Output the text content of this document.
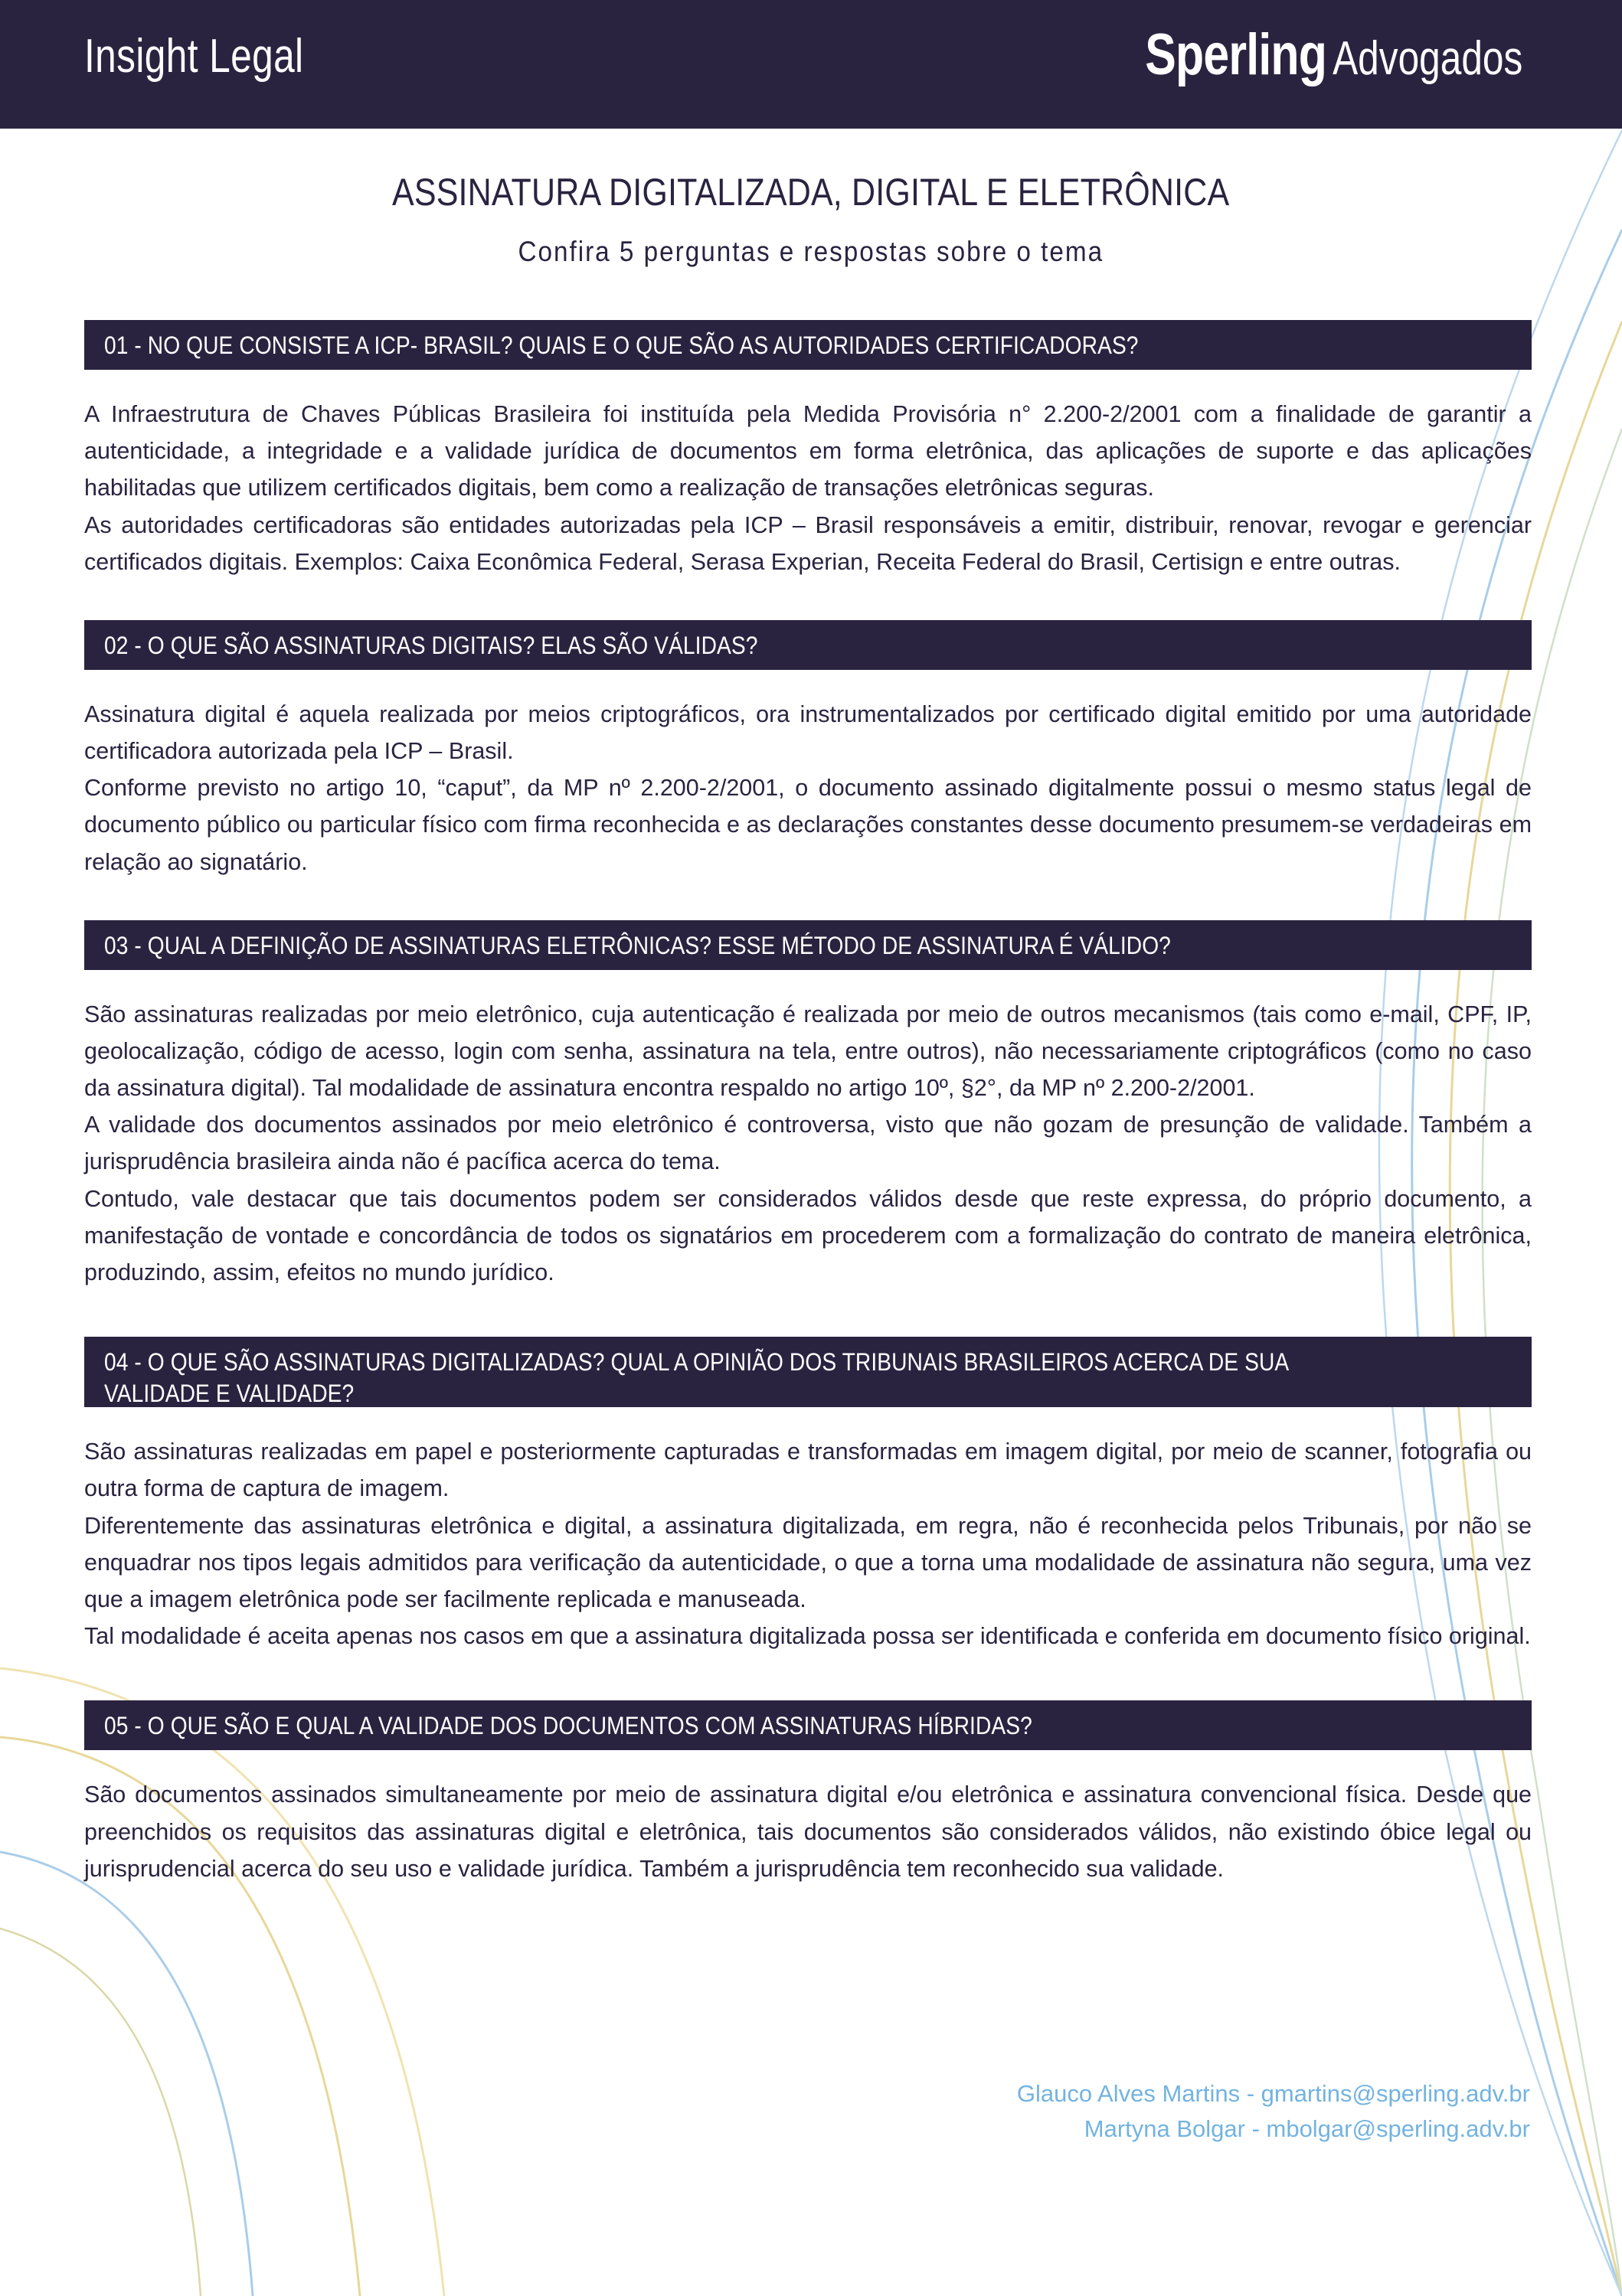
Insight Legal	Sperling Advogados
ASSINATURA DIGITALIZADA, DIGITAL E ELETRÔNICA
Confira 5 perguntas e respostas sobre o tema
01 - NO QUE CONSISTE A ICP- BRASIL? QUAIS E O QUE SÃO AS AUTORIDADES CERTIFICADORAS?

A Infraestrutura de Chaves Públicas Brasileira foi instituída pela Medida Provisória n° 2.200-2/2001 com a finalidade de garantir a autenticidade, a integridade e a validade jurídica de documentos em forma eletrônica, das aplicações de suporte e das aplicações habilitadas que utilizem certificados digitais, bem como a realização de transações eletrônicas seguras.

As autoridades certificadoras são entidades autorizadas pela ICP – Brasil responsáveis a emitir, distribuir, renovar, revogar e gerenciar certificados digitais. Exemplos: Caixa Econômica Federal, Serasa Experian, Receita Federal do Brasil, Certisign e entre outras.

02 - O QUE SÃO ASSINATURAS DIGITAIS? ELAS SÃO VÁLIDAS?

Assinatura digital é aquela realizada por meios criptográficos, ora instrumentalizados por certificado digital emitido por uma autoridade certificadora autorizada pela ICP – Brasil.

Conforme previsto no artigo 10, “caput”, da MP nº 2.200-2/2001, o documento assinado digitalmente possui o mesmo status legal de documento público ou particular físico com firma reconhecida e as declarações constantes desse documento presumem-se verdadeiras em relação ao signatário.

03 - QUAL A DEFINIÇÃO DE ASSINATURAS ELETRÔNICAS? ESSE MÉTODO DE ASSINATURA É VÁLIDO?

São assinaturas realizadas por meio eletrônico, cuja autenticação é realizada por meio de outros mecanismos (tais como e-mail, CPF, IP, geolocalização, código de acesso, login com senha, assinatura na tela, entre outros), não necessariamente criptográficos (como no caso da assinatura digital). Tal modalidade de assinatura encontra respaldo no artigo 10º, §2°, da MP nº 2.200-2/2001.

A validade dos documentos assinados por meio eletrônico é controversa, visto que não gozam de presunção de validade. Também a jurisprudência brasileira ainda não é pacífica acerca do tema.

Contudo, vale destacar que tais documentos podem ser considerados válidos desde que reste expressa, do próprio documento, a manifestação de vontade e concordância de todos os signatários em procederem com a formalização do contrato de maneira eletrônica, produzindo, assim, efeitos no mundo jurídico.

04 - O QUE SÃO ASSINATURAS DIGITALIZADAS? QUAL A OPINIÃO DOS TRIBUNAIS BRASILEIROS ACERCA DE SUA VALIDADE E VALIDADE?

São assinaturas realizadas em papel e posteriormente capturadas e transformadas em imagem digital, por meio de scanner, fotografia ou outra forma de captura de imagem.

Diferentemente das assinaturas eletrônica e digital, a assinatura digitalizada, em regra, não é reconhecida pelos Tribunais, por não se enquadrar nos tipos legais admitidos para verificação da autenticidade, o que a torna uma modalidade de assinatura não segura, uma vez que a imagem eletrônica pode ser facilmente replicada e manuseada.

Tal modalidade é aceita apenas nos casos em que a assinatura digitalizada possa ser identificada e conferida em documento físico original.

05 - O QUE SÃO E QUAL A VALIDADE DOS DOCUMENTOS COM ASSINATURAS HÍBRIDAS?

São documentos assinados simultaneamente por meio de assinatura digital e/ou eletrônica e assinatura convencional física. Desde que preenchidos os requisitos das assinaturas digital e eletrônica, tais documentos são considerados válidos, não existindo óbice legal ou jurisprudencial acerca do seu uso e validade jurídica. Também a jurisprudência tem reconhecido sua validade.

Glauco Alves Martins - gmartins@sperling.adv.br
Martyna Bolgar - mbolgar@sperling.adv.br
